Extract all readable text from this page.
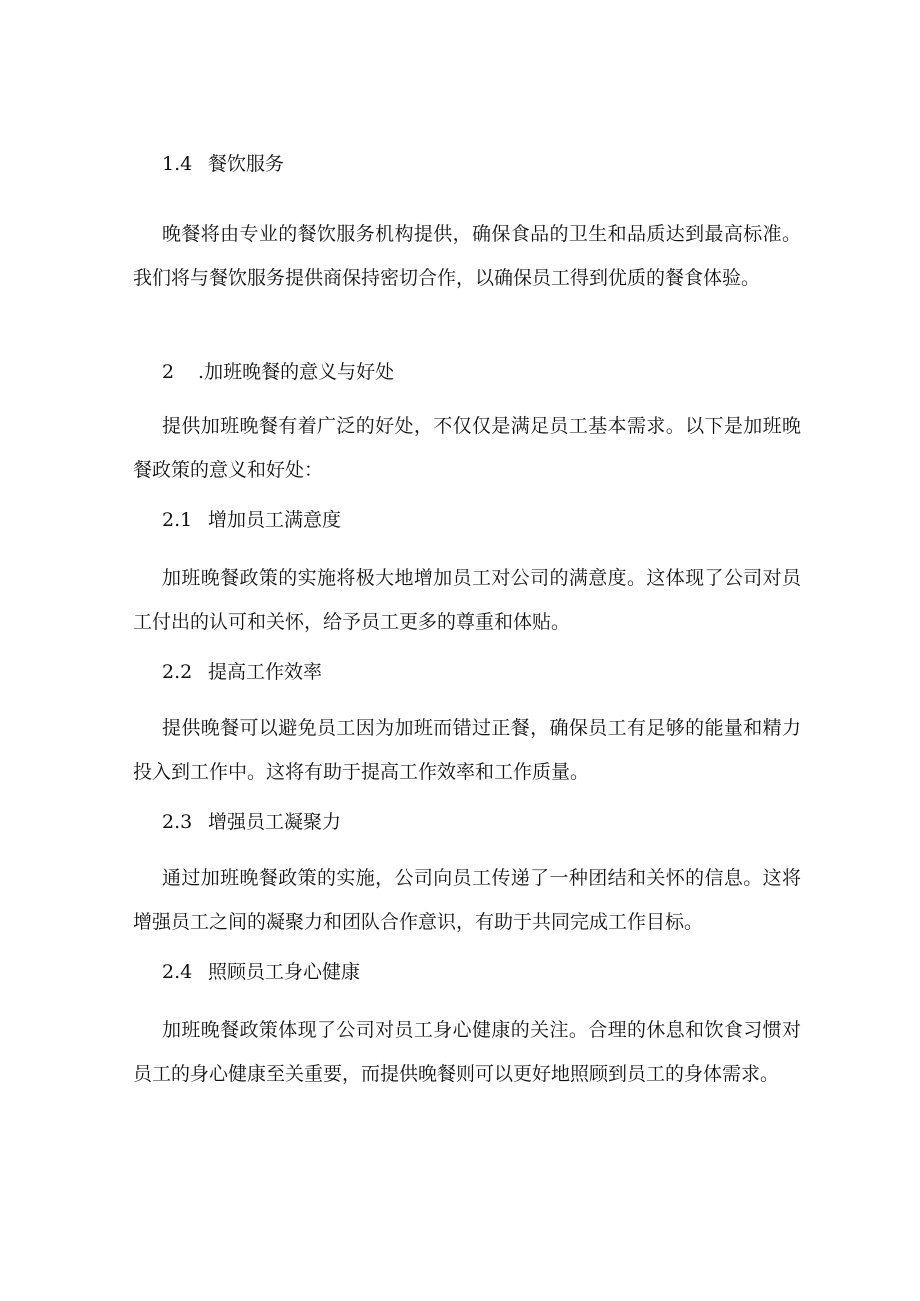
1.4 餐饮服务

晚餐将由专业的餐饮服务机构提供，确保食品的卫生和品质达到最高标准。我们将与餐饮服务提供商保持密切合作，以确保员工得到优质的餐食体验。

2 .加班晚餐的意义与好处

提供加班晚餐有着广泛的好处，不仅仅是满足员工基本需求。以下是加班晚餐政策的意义和好处：

2.1 增加员工满意度

加班晚餐政策的实施将极大地增加员工对公司的满意度。这体现了公司对员工付出的认可和关怀，给予员工更多的尊重和体贴。

2.2 提高工作效率

提供晚餐可以避免员工因为加班而错过正餐，确保员工有足够的能量和精力投入到工作中。这将有助于提高工作效率和工作质量。

2.3 增强员工凝聚力

通过加班晚餐政策的实施，公司向员工传递了一种团结和关怀的信息。这将增强员工之间的凝聚力和团队合作意识，有助于共同完成工作目标。

2.4 照顾员工身心健康

加班晚餐政策体现了公司对员工身心健康的关注。合理的休息和饮食习惯对员工的身心健康至关重要，而提供晚餐则可以更好地照顾到员工的身体需求。
